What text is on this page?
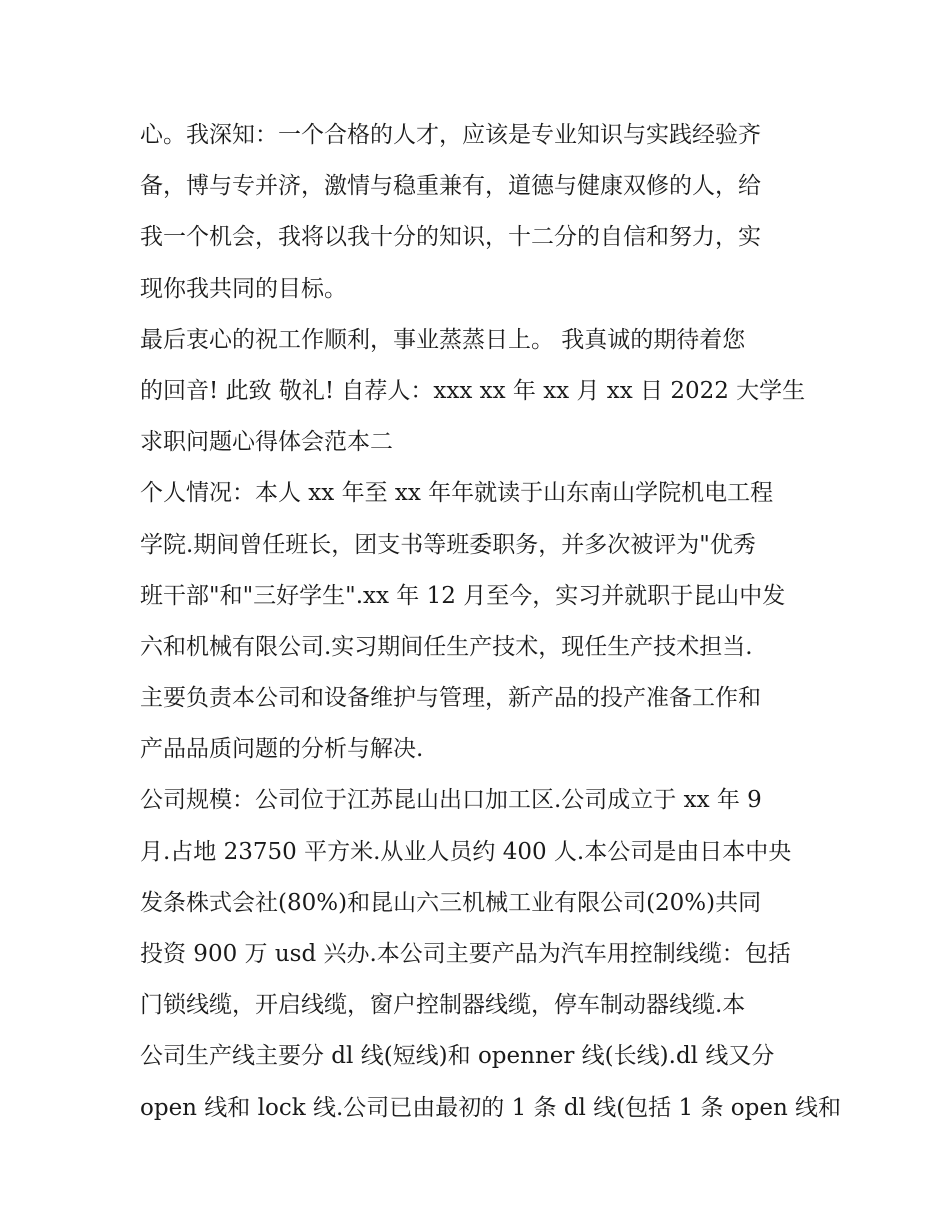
心。我深知：一个合格的人才，应该是专业知识与实践经验齐
备，博与专并济，激情与稳重兼有，道德与健康双修的人，给
我一个机会，我将以我十分的知识，十二分的自信和努力，实
现你我共同的目标。
最后衷心的祝工作顺利，事业蒸蒸日上。 我真诚的期待着您
的回音! 此致 敬礼! 自荐人：xxx xx 年 xx 月 xx 日 2022 大学生
求职问题心得体会范本二
个人情况：本人 xx 年至 xx 年年就读于山东南山学院机电工程
学院.期间曾任班长，团支书等班委职务，并多次被评为"优秀
班干部"和"三好学生".xx 年 12 月至今，实习并就职于昆山中发
六和机械有限公司.实习期间任生产技术，现任生产技术担当.
主要负责本公司和设备维护与管理，新产品的投产准备工作和
产品品质问题的分析与解决.
公司规模：公司位于江苏昆山出口加工区.公司成立于 xx 年 9
月.占地 23750 平方米.从业人员约 400 人.本公司是由日本中央
发条株式会社(80%)和昆山六三机械工业有限公司(20%)共同
投资 900 万 usd 兴办.本公司主要产品为汽车用控制线缆：包括
门锁线缆，开启线缆，窗户控制器线缆，停车制动器线缆.本
公司生产线主要分 dl 线(短线)和 openner 线(长线).dl 线又分
open 线和 lock 线.公司已由最初的 1 条 dl 线(包括 1 条 open 线和
